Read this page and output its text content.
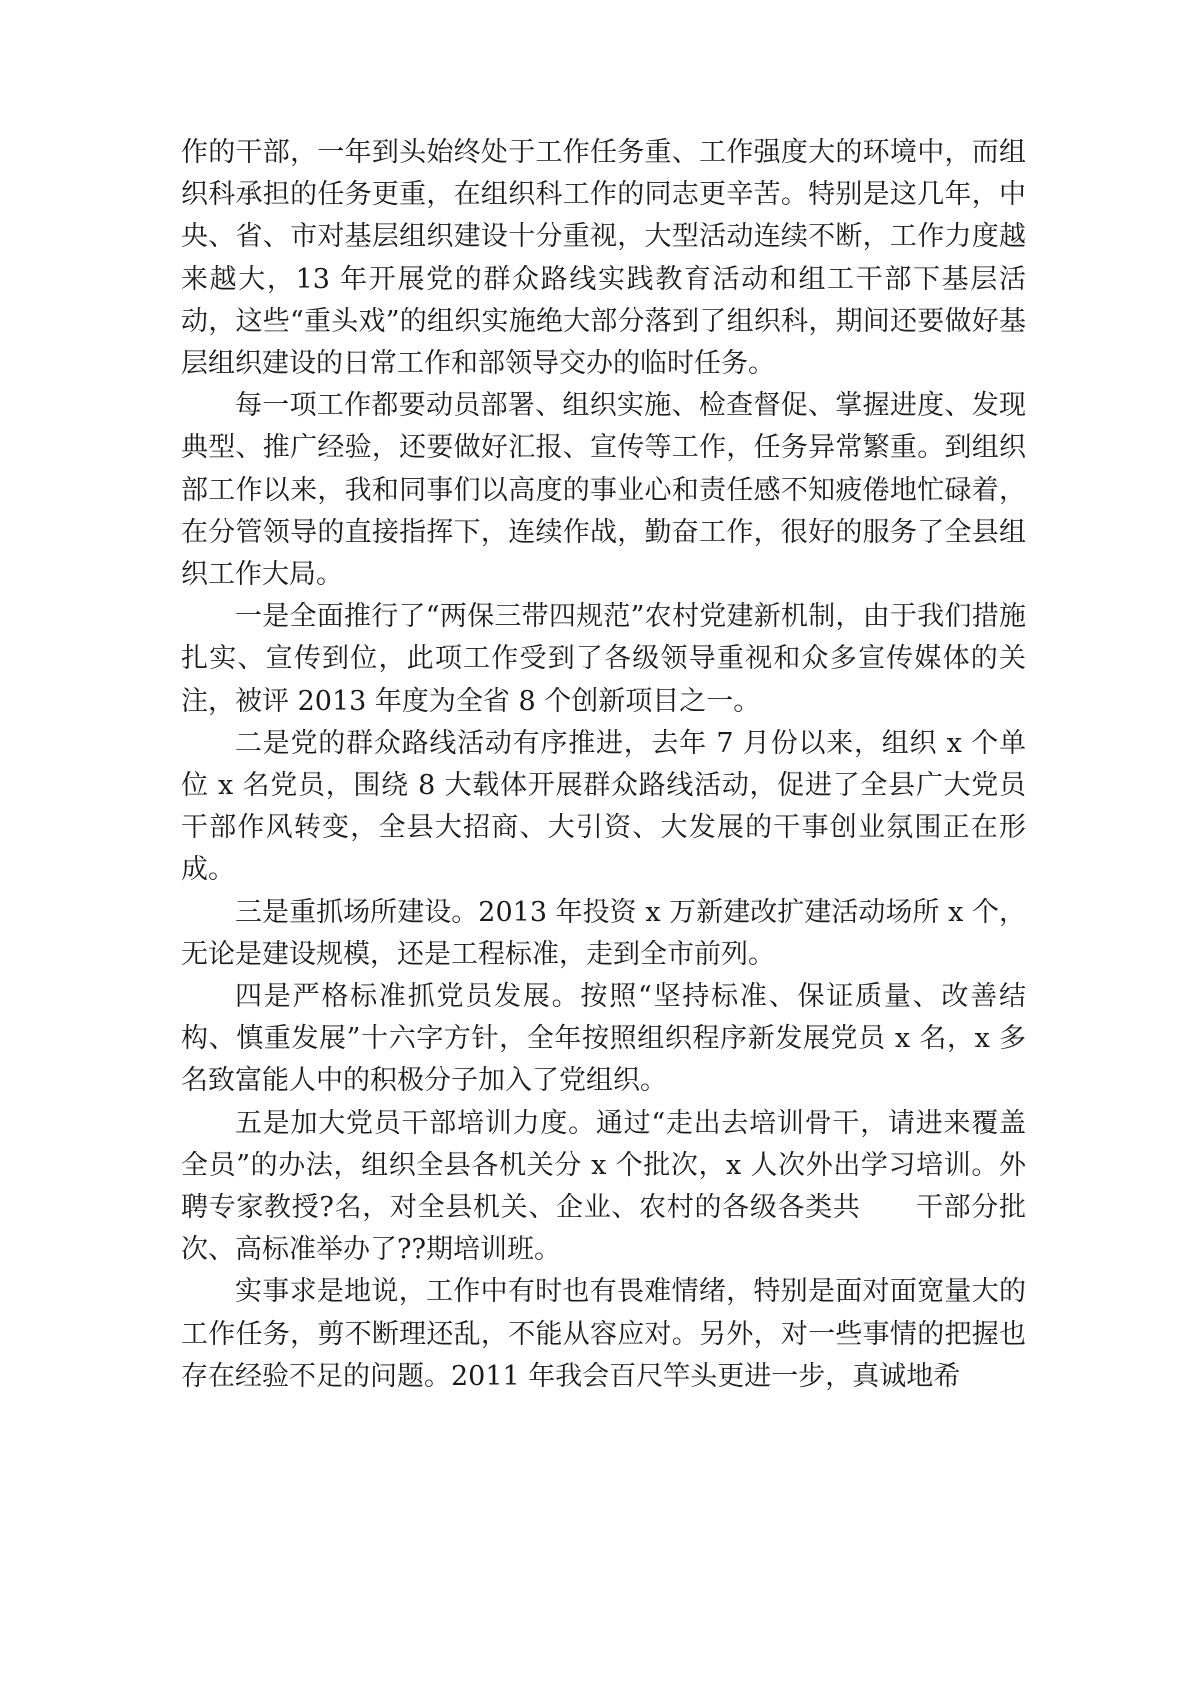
作的干部，一年到头始终处于工作任务重、工作强度大的环境中，而组织科承担的任务更重，在组织科工作的同志更辛苦。特别是这几年，中央、省、市对基层组织建设十分重视，大型活动连续不断，工作力度越来越大，13 年开展党的群众路线实践教育活动和组工干部下基层活动，这些“重头戏”的组织实施绝大部分落到了组织科，期间还要做好基层组织建设的日常工作和部领导交办的临时任务。

每一项工作都要动员部署、组织实施、检查督促、掌握进度、发现典型、推广经验，还要做好汇报、宣传等工作，任务异常繁重。到组织部工作以来，我和同事们以高度的事业心和责任感不知疲倦地忙碌着，在分管领导的直接指挥下，连续作战，勤奋工作，很好的服务了全县组织工作大局。

一是全面推行了“两保三带四规范”农村党建新机制，由于我们措施扎实、宣传到位，此项工作受到了各级领导重视和众多宣传媒体的关注，被评 2013 年度为全省 8 个创新项目之一。

二是党的群众路线活动有序推进，去年 7 月份以来，组织 x 个单位 x 名党员，围绕 8 大载体开展群众路线活动，促进了全县广大党员干部作风转变，全县大招商、大引资、大发展的干事创业氛围正在形成。

三是重抓场所建设。2013 年投资 x 万新建改扩建活动场所 x 个，无论是建设规模，还是工程标准，走到全市前列。

四是严格标准抓党员发展。按照“坚持标准、保证质量、改善结构、慎重发展”十六字方针，全年按照组织程序新发展党员 x 名，x 多名致富能人中的积极分子加入了党组织。

五是加大党员干部培训力度。通过“走出去培训骨干，请进来覆盖全员”的办法，组织全县各机关分 x 个批次，x 人次外出学习培训。外聘专家教授?名，对全县机关、企业、农村的各级各类共　　干部分批次、高标准举办了??期培训班。

实事求是地说，工作中有时也有畏难情绪，特别是面对面宽量大的工作任务，剪不断理还乱，不能从容应对。另外，对一些事情的把握也存在经验不足的问题。2011 年我会百尺竿头更进一步，真诚地希
